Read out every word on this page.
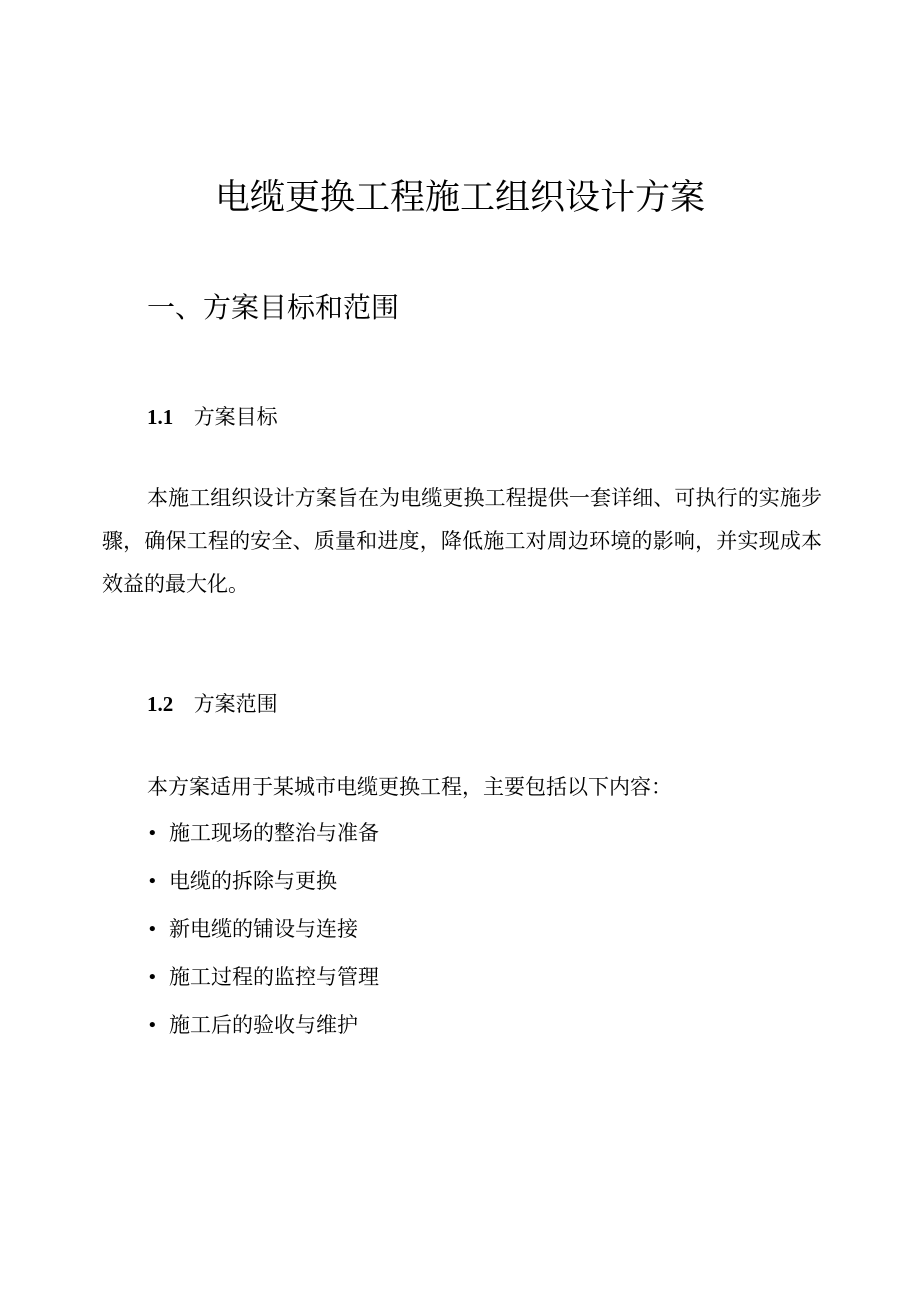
电缆更换工程施工组织设计方案
一、方案目标和范围
1.1 方案目标

本施工组织设计方案旨在为电缆更换工程提供一套详细、可执行的实施步骤，确保工程的安全、质量和进度，降低施工对周边环境的影响，并实现成本效益的最大化。

1.2 方案范围

本方案适用于某城市电缆更换工程，主要包括以下内容：

• 施工现场的整治与准备
• 电缆的拆除与更换
• 新电缆的铺设与连接
• 施工过程的监控与管理
• 施工后的验收与维护
